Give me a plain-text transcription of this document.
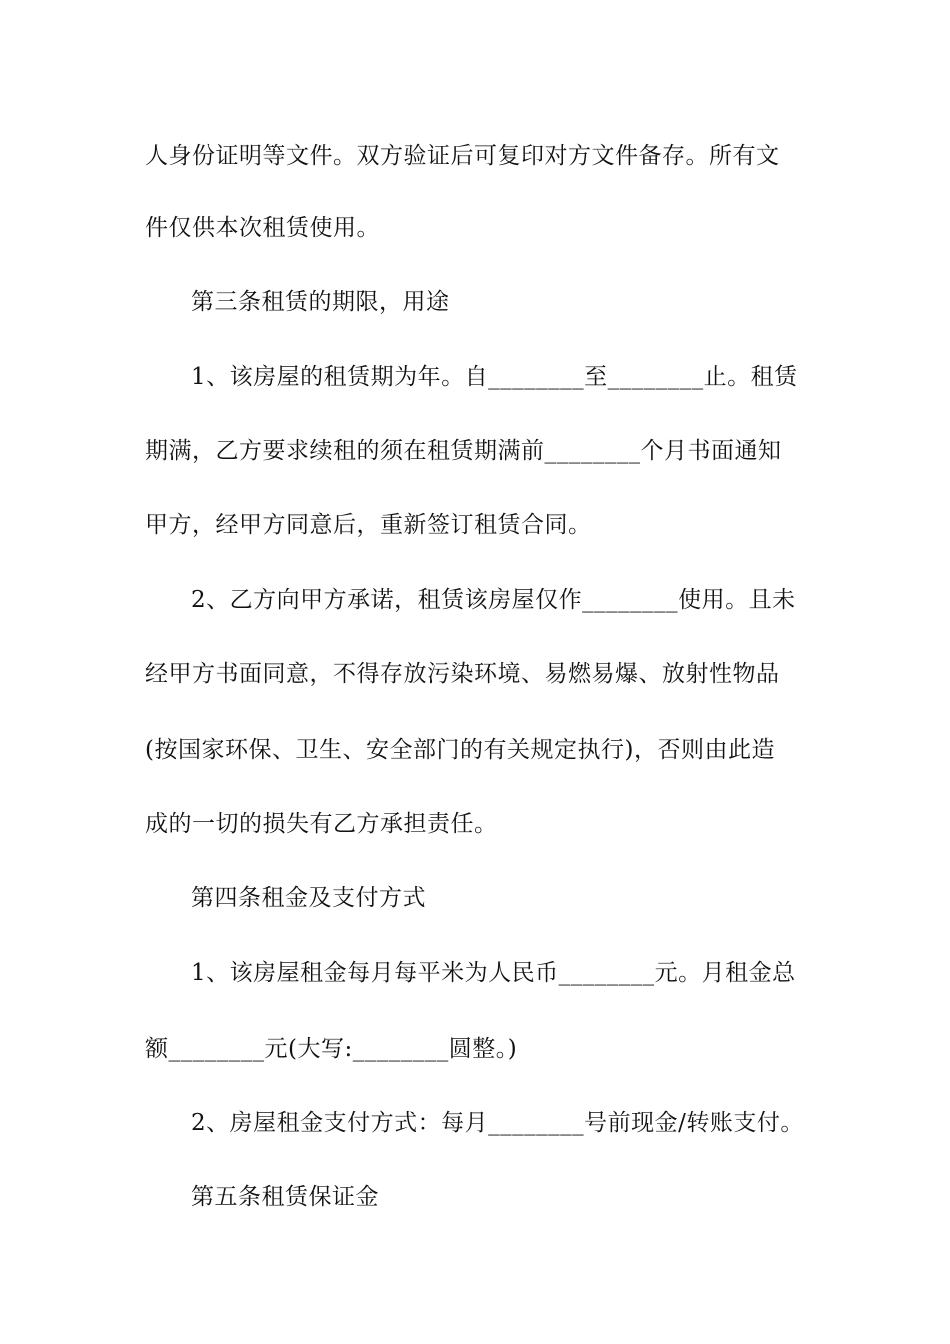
人身份证明等文件。双方验证后可复印对方文件备存。所有文
件仅供本次租赁使用。
第三条租赁的期限，用途
1、该房屋的租赁期为年。自________至________止。租赁
期满，乙方要求续租的须在租赁期满前________个月书面通知
甲方，经甲方同意后，重新签订租赁合同。
2、乙方向甲方承诺，租赁该房屋仅作________使用。且未
经甲方书面同意，不得存放污染环境、易燃易爆、放射性物品
(按国家环保、卫生、安全部门的有关规定执行)，否则由此造
成的一切的损失有乙方承担责任。
第四条租金及支付方式
1、该房屋租金每月每平米为人民币________元。月租金总
额________元(大写:________圆整。)
2、房屋租金支付方式：每月________号前现金/转账支付。
第五条租赁保证金
